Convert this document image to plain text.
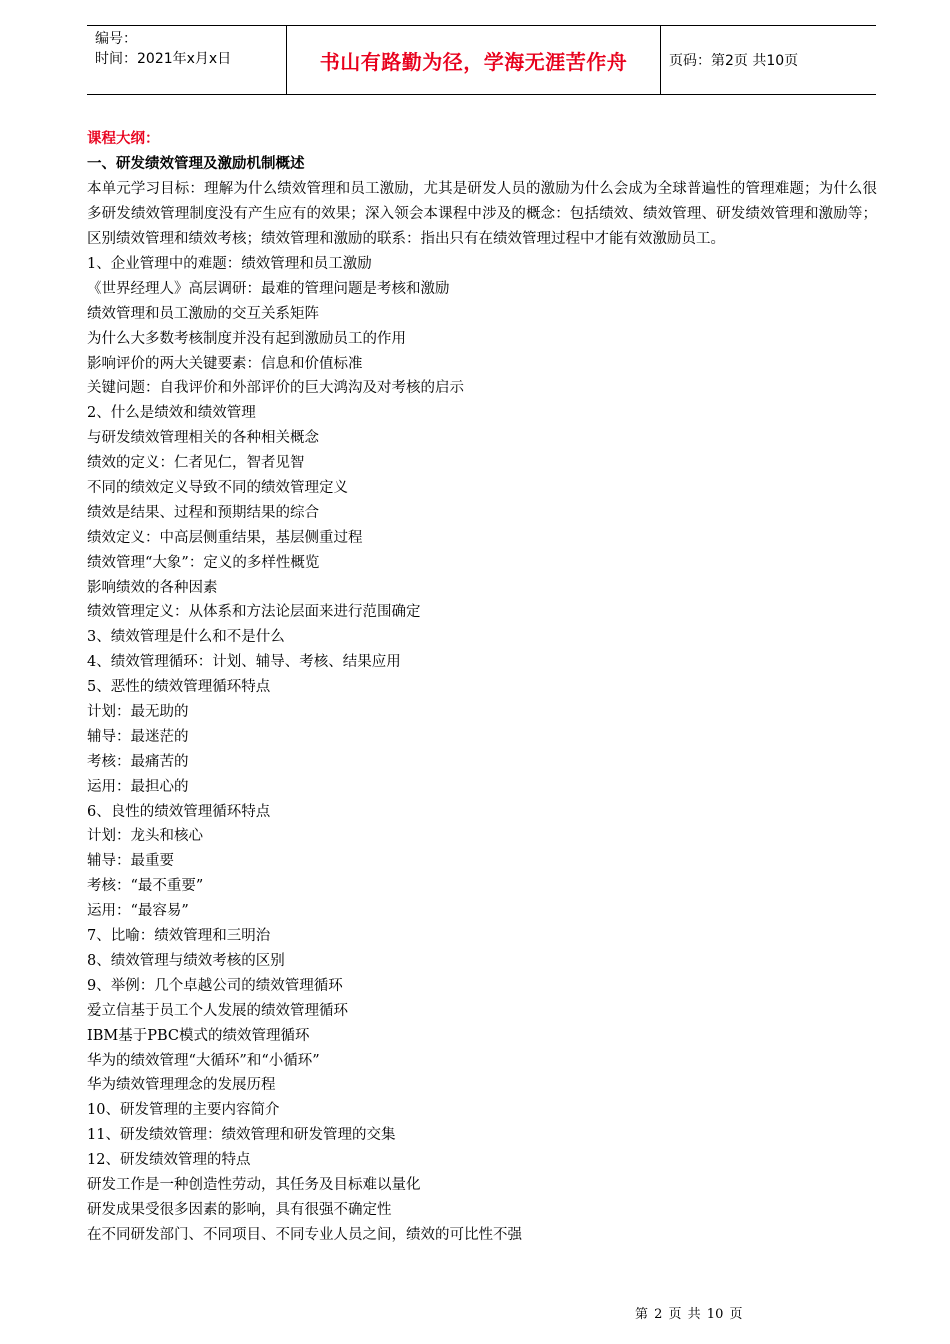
编号：
时间：2021年x月x日	书山有路勤为径，学海无涯苦作舟	页码：第2页 共10页
课程大纲：
一、研发绩效管理及激励机制概述

本单元学习目标：理解为什么绩效管理和员工激励，尤其是研发人员的激励为什么会成为全球普遍性的管理难题；为什么很多研发绩效管理制度没有产生应有的效果；深入领会本课程中涉及的概念：包括绩效、绩效管理、研发绩效管理和激励等；区别绩效管理和绩效考核；绩效管理和激励的联系：指出只有在绩效管理过程中才能有效激励员工。

1、企业管理中的难题：绩效管理和员工激励
《世界经理人》高层调研：最难的管理问题是考核和激励
绩效管理和员工激励的交互关系矩阵
为什么大多数考核制度并没有起到激励员工的作用
影响评价的两大关键要素：信息和价值标准
关键问题：自我评价和外部评价的巨大鸿沟及对考核的启示
2、什么是绩效和绩效管理
与研发绩效管理相关的各种相关概念
绩效的定义：仁者见仁，智者见智
不同的绩效定义导致不同的绩效管理定义
绩效是结果、过程和预期结果的综合
绩效定义：中高层侧重结果，基层侧重过程
绩效管理“大象”：定义的多样性概览
影响绩效的各种因素
绩效管理定义：从体系和方法论层面来进行范围确定
3、绩效管理是什么和不是什么
4、绩效管理循环：计划、辅导、考核、结果应用
5、恶性的绩效管理循环特点
计划：最无助的
辅导：最迷茫的
考核：最痛苦的
运用：最担心的
6、良性的绩效管理循环特点
计划：龙头和核心
辅导：最重要
考核：“最不重要”
运用：“最容易”
7、比喻：绩效管理和三明治
8、绩效管理与绩效考核的区别
9、举例：几个卓越公司的绩效管理循环
爱立信基于员工个人发展的绩效管理循环
IBM基于PBC模式的绩效管理循环
华为的绩效管理“大循环”和“小循环”
华为绩效管理理念的发展历程
10、研发管理的主要内容简介
11、研发绩效管理：绩效管理和研发管理的交集
12、研发绩效管理的特点
研发工作是一种创造性劳动，其任务及目标难以量化
研发成果受很多因素的影响，具有很强不确定性
在不同研发部门、不同项目、不同专业人员之间，绩效的可比性不强
第 2 页 共 10 页
